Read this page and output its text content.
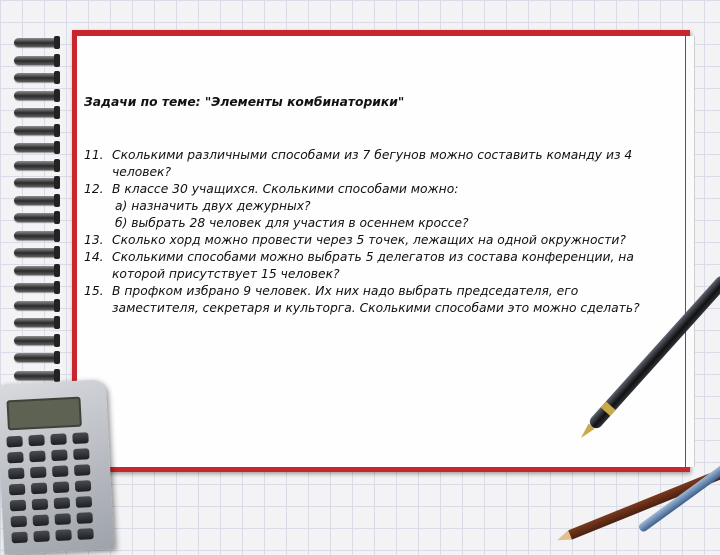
Задачи по теме: "Элементы комбинаторики"
11. Сколькими различными способами из 7 бегунов можно составить команду из 4
человек?
12. В классе 30 учащихся. Сколькими способами можно:
а) назначить двух дежурных?
б) выбрать 28 человек для участия в осеннем кроссе?
13. Сколько хорд можно провести через 5 точек, лежащих на одной окружности?
14. Сколькими способами можно выбрать 5 делегатов из состава конференции, на
которой присутствует 15 человек?
15. В профком избрано 9 человек. Их них надо выбрать председателя, его
заместителя, секретаря и культорга. Сколькими способами это можно сделать?
